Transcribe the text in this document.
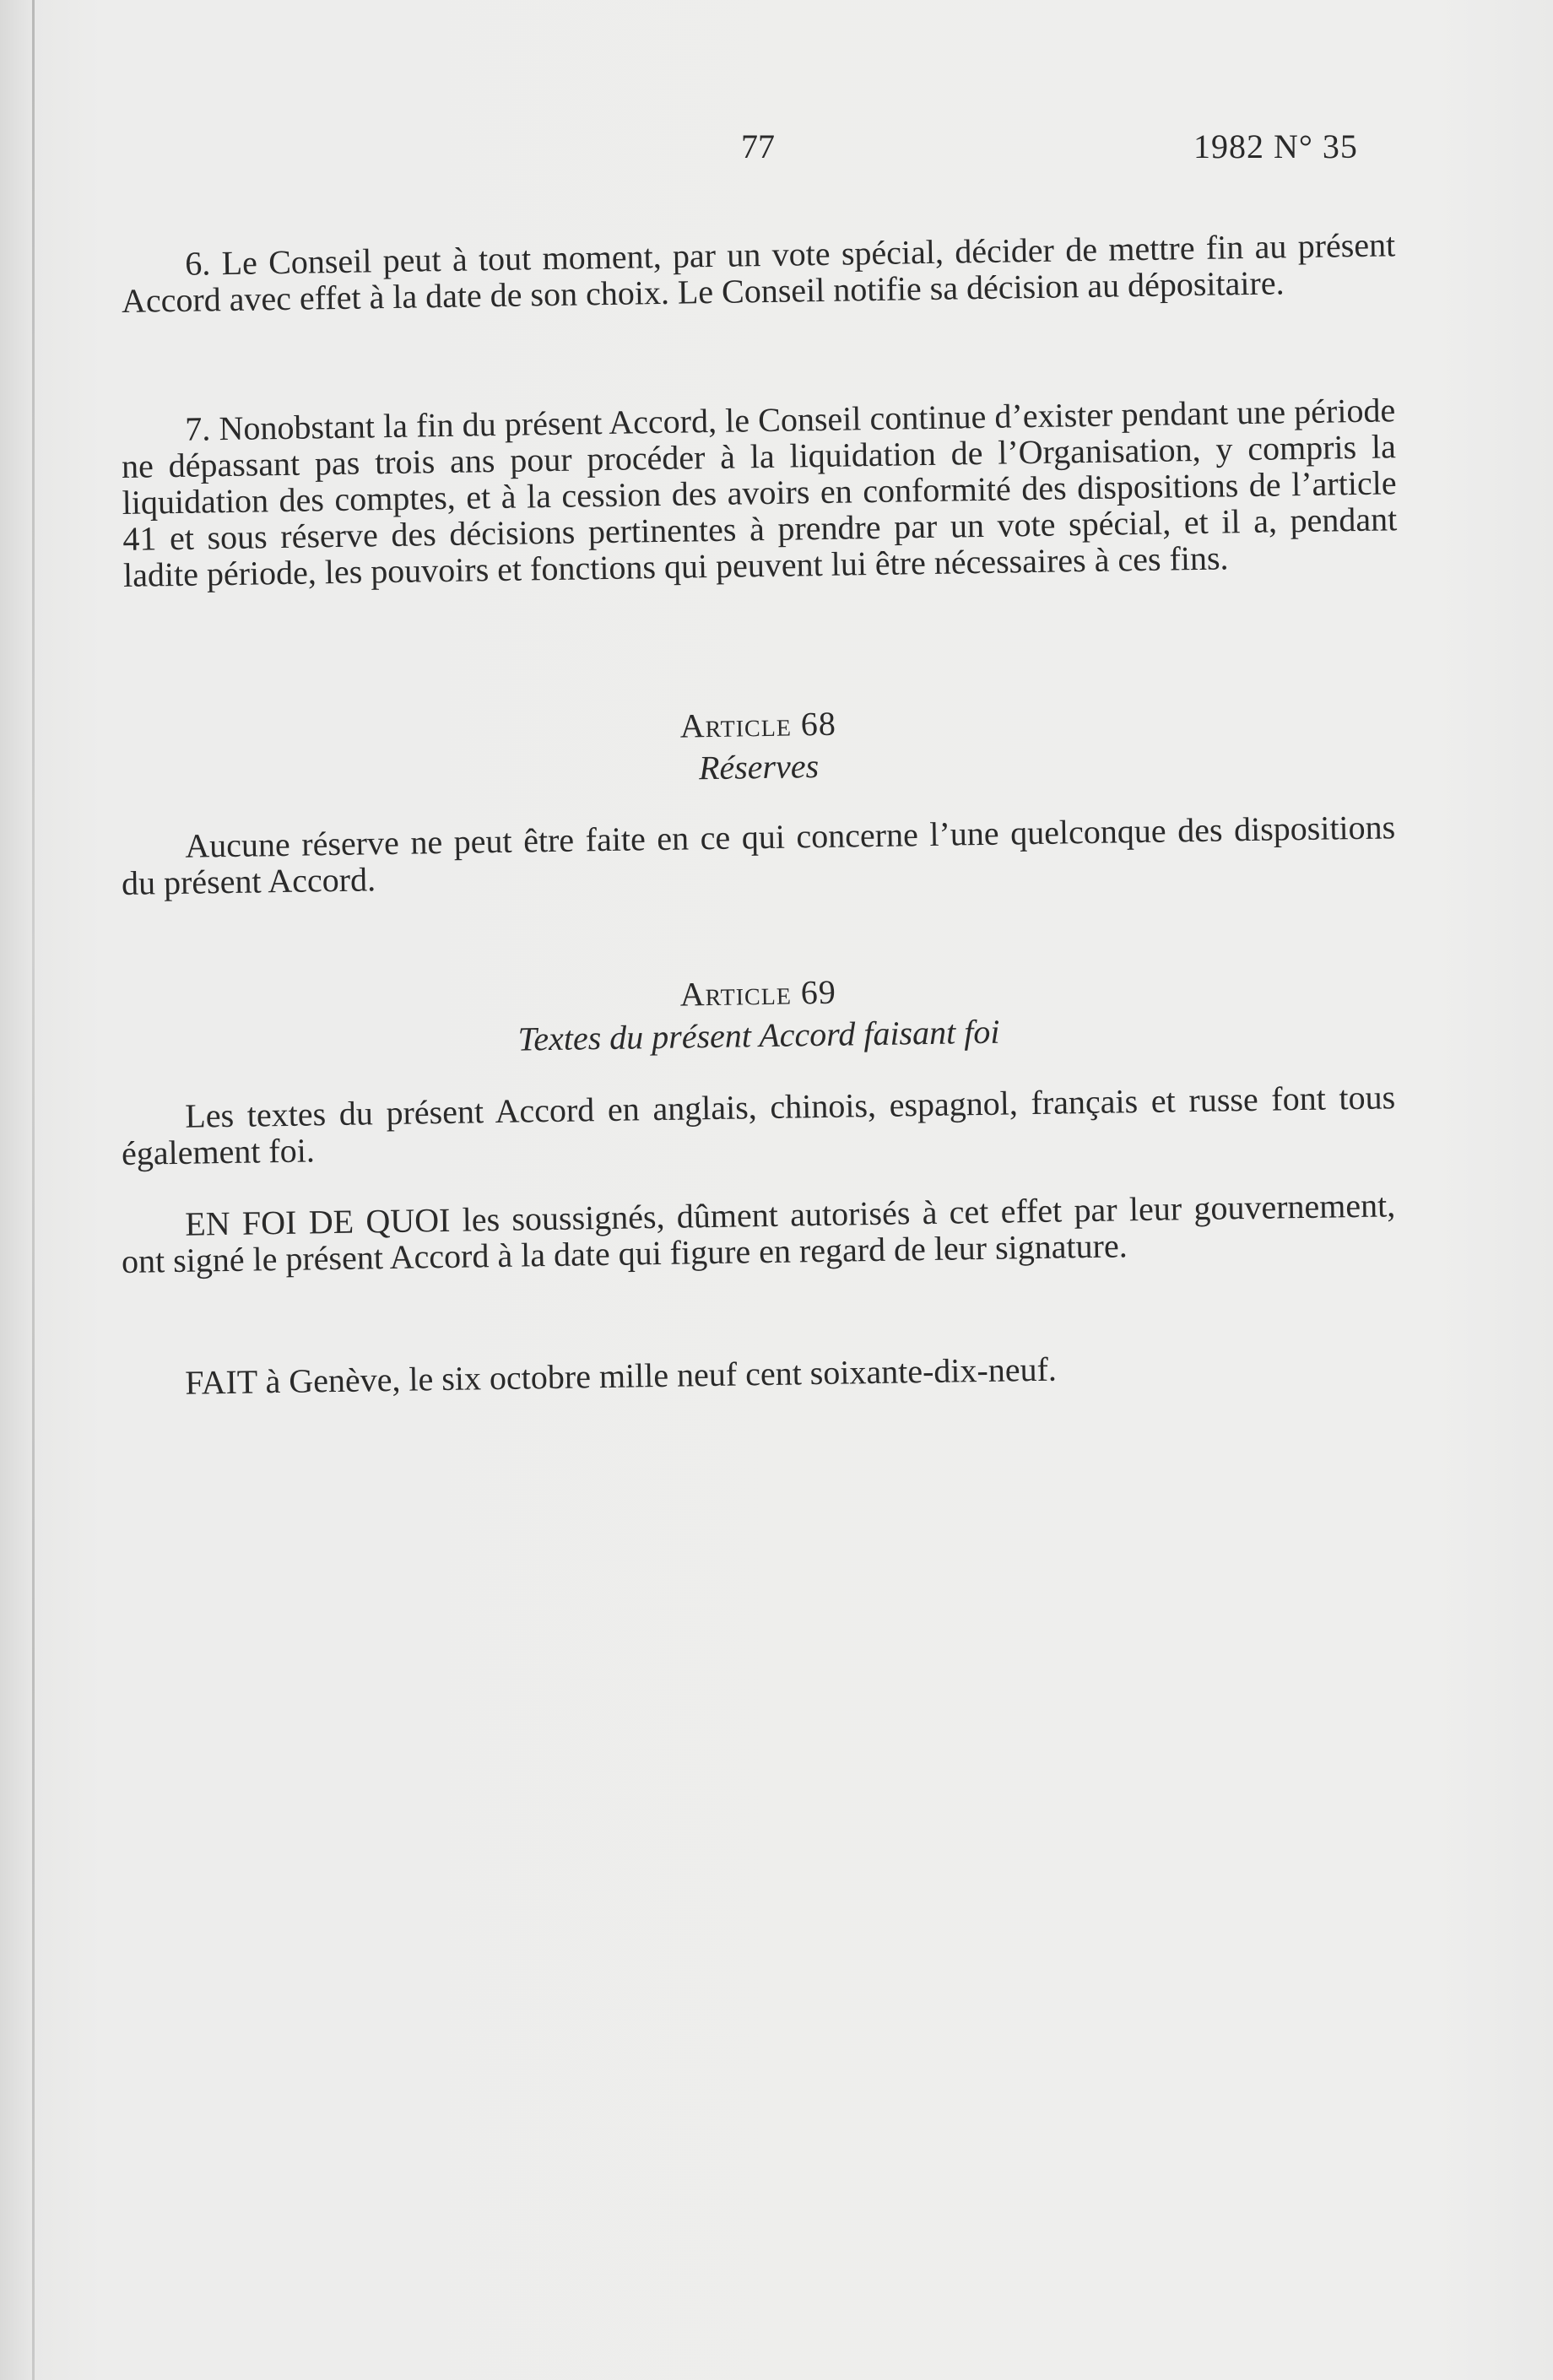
77	1982 N° 35

6. Le Conseil peut à tout moment, par un vote spécial, décider de mettre fin au présent Accord avec effet à la date de son choix. Le Conseil notifie sa décision au dépositaire.

7. Nonobstant la fin du présent Accord, le Conseil continue d’exister pendant une période ne dépassant pas trois ans pour procéder à la liquidation de l’Organisation, y compris la liquidation des comptes, et à la cession des avoirs en conformité des dispositions de l’article 41 et sous réserve des décisions pertinentes à prendre par un vote spécial, et il a, pendant ladite période, les pouvoirs et fonctions qui peuvent lui être nécessaires à ces fins.

Article 68
Réserves

Aucune réserve ne peut être faite en ce qui concerne l’une quelconque des dispositions du présent Accord.

Article 69
Textes du présent Accord faisant foi

Les textes du présent Accord en anglais, chinois, espagnol, français et russe font tous également foi.

EN FOI DE QUOI les soussignés, dûment autorisés à cet effet par leur gouvernement, ont signé le présent Accord à la date qui figure en regard de leur signature.

FAIT à Genève, le six octobre mille neuf cent soixante-dix-neuf.
